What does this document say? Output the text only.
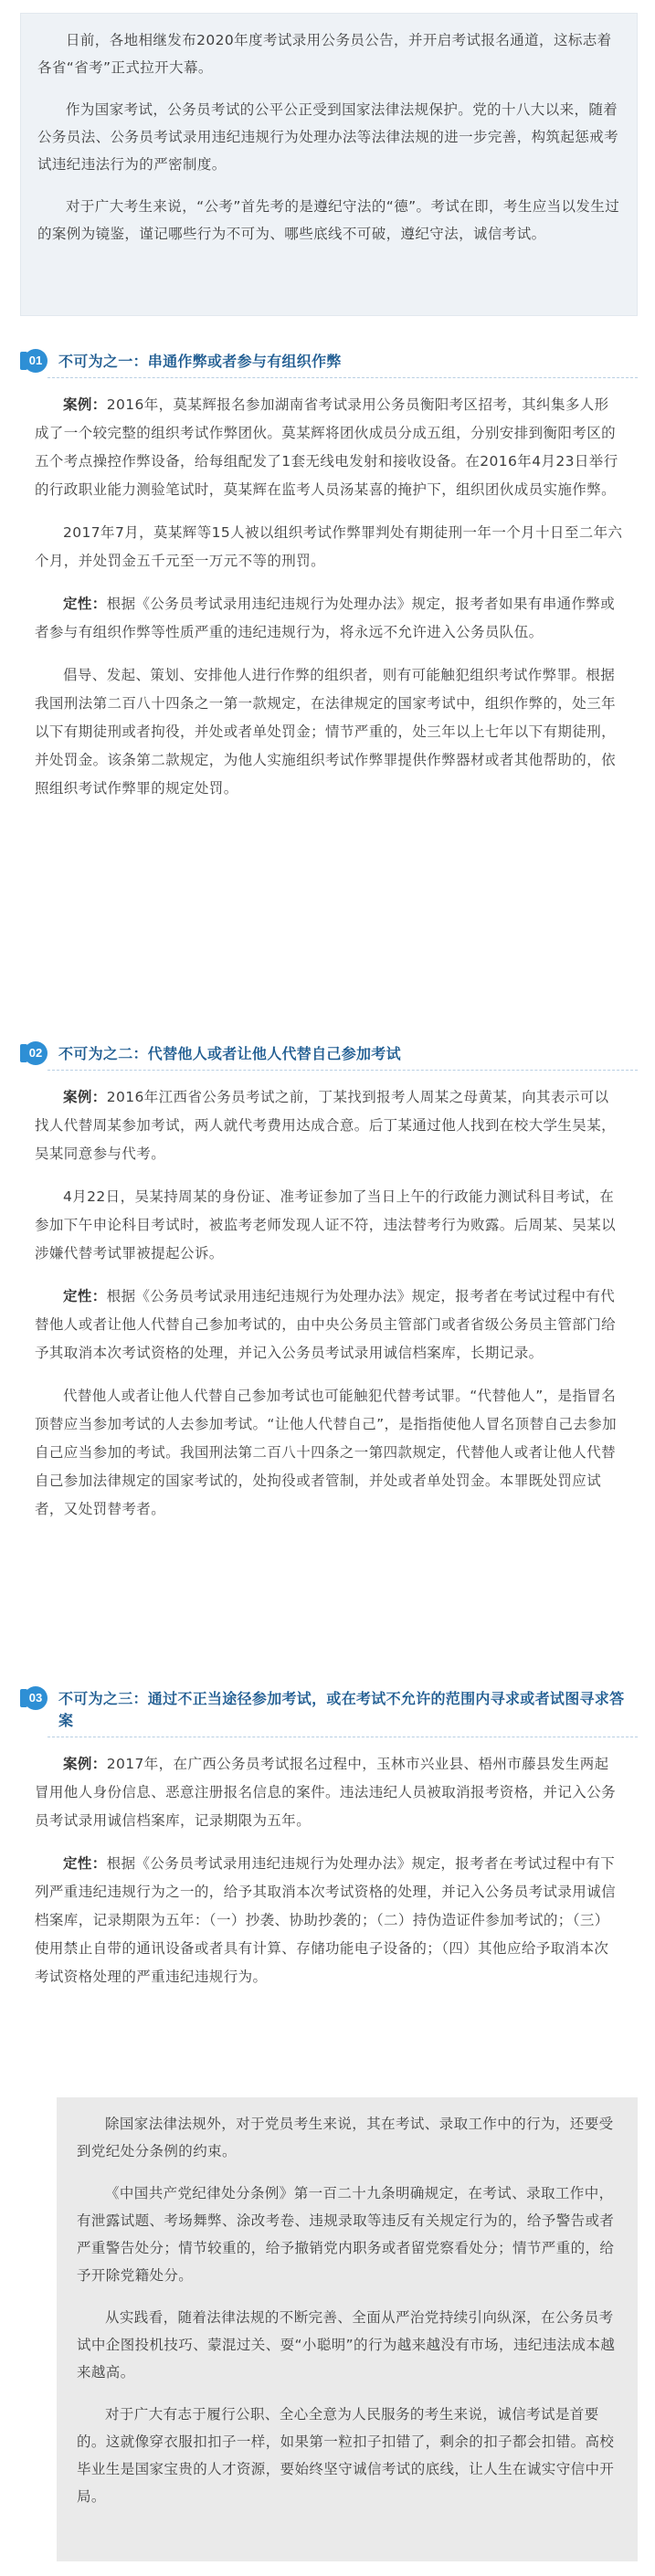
日前，各地相继发布2020年度考试录用公务员公告，并开启考试报名通道，这标志着各省“省考”正式拉开大幕。

作为国家考试，公务员考试的公平公正受到国家法律法规保护。党的十八大以来，随着公务员法、公务员考试录用违纪违规行为处理办法等法律法规的进一步完善，构筑起惩戒考试违纪违法行为的严密制度。

对于广大考生来说，“公考”首先考的是遵纪守法的“德”。考试在即，考生应当以发生过的案例为镜鉴，谨记哪些行为不可为、哪些底线不可破，遵纪守法，诚信考试。

01	不可为之一：串通作弊或者参与有组织作弊

案例：2016年，莫某辉报名参加湖南省考试录用公务员衡阳考区招考，其纠集多人形成了一个较完整的组织考试作弊团伙。莫某辉将团伙成员分成五组，分别安排到衡阳考区的五个考点操控作弊设备，给每组配发了1套无线电发射和接收设备。在2016年4月23日举行的行政职业能力测验笔试时，莫某辉在监考人员汤某喜的掩护下，组织团伙成员实施作弊。

2017年7月，莫某辉等15人被以组织考试作弊罪判处有期徒刑一年一个月十日至二年六个月，并处罚金五千元至一万元不等的刑罚。

定性：根据《公务员考试录用违纪违规行为处理办法》规定，报考者如果有串通作弊或者参与有组织作弊等性质严重的违纪违规行为，将永远不允许进入公务员队伍。

倡导、发起、策划、安排他人进行作弊的组织者，则有可能触犯组织考试作弊罪。根据我国刑法第二百八十四条之一第一款规定，在法律规定的国家考试中，组织作弊的，处三年以下有期徒刑或者拘役，并处或者单处罚金；情节严重的，处三年以上七年以下有期徒刑，并处罚金。该条第二款规定，为他人实施组织考试作弊罪提供作弊器材或者其他帮助的，依照组织考试作弊罪的规定处罚。

02	不可为之二：代替他人或者让他人代替自己参加考试

案例：2016年江西省公务员考试之前，丁某找到报考人周某之母黄某，向其表示可以找人代替周某参加考试，两人就代考费用达成合意。后丁某通过他人找到在校大学生吴某，吴某同意参与代考。

4月22日，吴某持周某的身份证、准考证参加了当日上午的行政能力测试科目考试，在参加下午申论科目考试时，被监考老师发现人证不符，违法替考行为败露。后周某、吴某以涉嫌代替考试罪被提起公诉。

定性：根据《公务员考试录用违纪违规行为处理办法》规定，报考者在考试过程中有代替他人或者让他人代替自己参加考试的，由中央公务员主管部门或者省级公务员主管部门给予其取消本次考试资格的处理，并记入公务员考试录用诚信档案库，长期记录。

代替他人或者让他人代替自己参加考试也可能触犯代替考试罪。“代替他人”，是指冒名顶替应当参加考试的人去参加考试。“让他人代替自己”，是指指使他人冒名顶替自己去参加自己应当参加的考试。我国刑法第二百八十四条之一第四款规定，代替他人或者让他人代替自己参加法律规定的国家考试的，处拘役或者管制，并处或者单处罚金。本罪既处罚应试者，又处罚替考者。

03	不可为之三：通过不正当途径参加考试，或在考试不允许的范围内寻求或者试图寻求答案

案例：2017年，在广西公务员考试报名过程中，玉林市兴业县、梧州市藤县发生两起冒用他人身份信息、恶意注册报名信息的案件。违法违纪人员被取消报考资格，并记入公务员考试录用诚信档案库，记录期限为五年。

定性：根据《公务员考试录用违纪违规行为处理办法》规定，报考者在考试过程中有下列严重违纪违规行为之一的，给予其取消本次考试资格的处理，并记入公务员考试录用诚信档案库，记录期限为五年：（一）抄袭、协助抄袭的；（二）持伪造证件参加考试的；（三）使用禁止自带的通讯设备或者具有计算、存储功能电子设备的；（四）其他应给予取消本次考试资格处理的严重违纪违规行为。

除国家法律法规外，对于党员考生来说，其在考试、录取工作中的行为，还要受到党纪处分条例的约束。

《中国共产党纪律处分条例》第一百二十九条明确规定，在考试、录取工作中，有泄露试题、考场舞弊、涂改考卷、违规录取等违反有关规定行为的，给予警告或者严重警告处分；情节较重的，给予撤销党内职务或者留党察看处分；情节严重的，给予开除党籍处分。

从实践看，随着法律法规的不断完善、全面从严治党持续引向纵深，在公务员考试中企图投机技巧、蒙混过关、耍“小聪明”的行为越来越没有市场，违纪违法成本越来越高。

对于广大有志于履行公职、全心全意为人民服务的考生来说，诚信考试是首要的。这就像穿衣服扣扣子一样，如果第一粒扣子扣错了，剩余的扣子都会扣错。高校毕业生是国家宝贵的人才资源，要始终坚守诚信考试的底线，让人生在诚实守信中开局。
